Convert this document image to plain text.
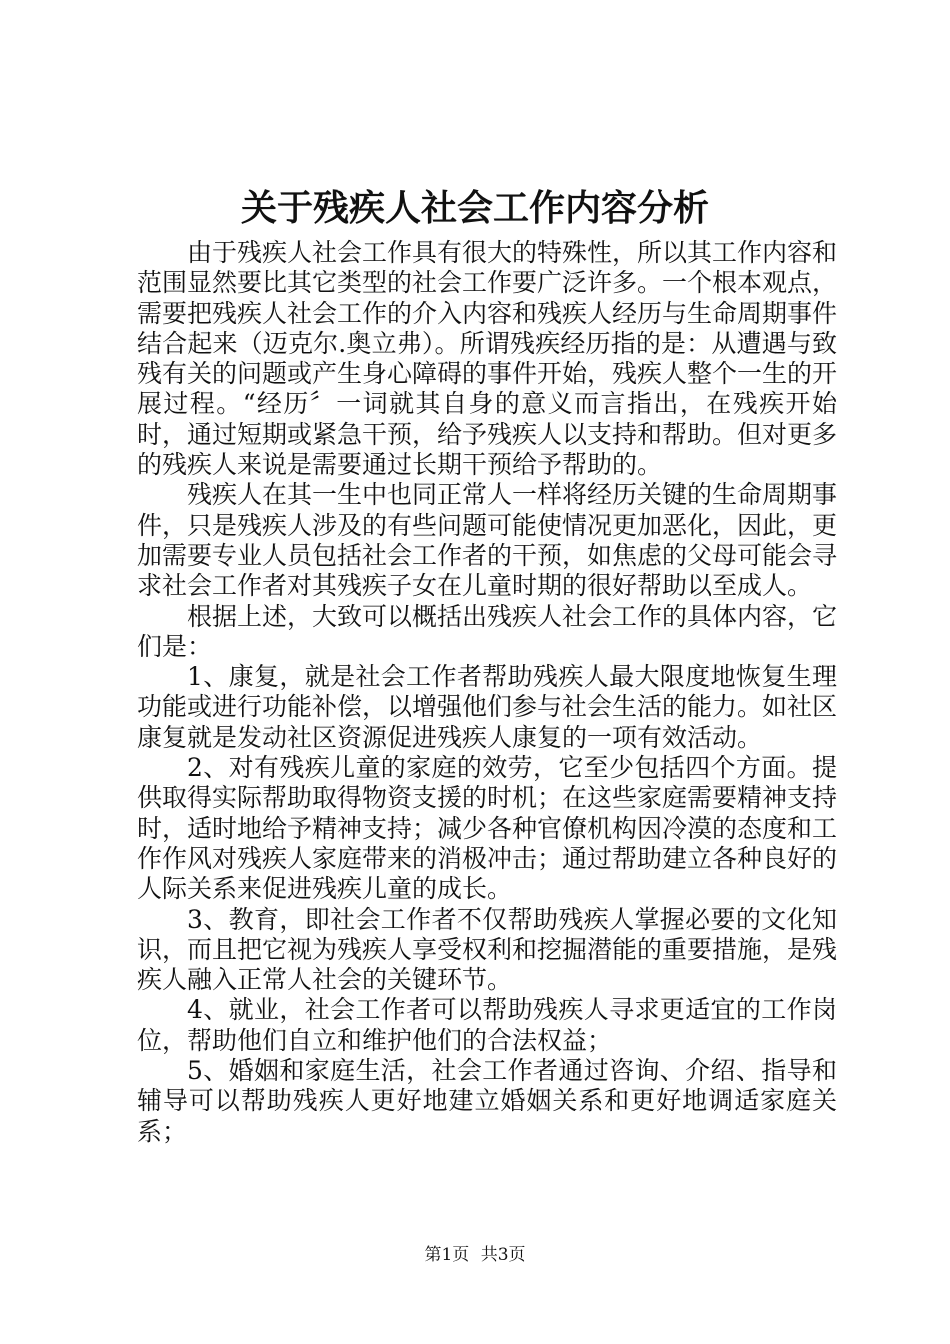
关于残疾人社会工作内容分析

由于残疾人社会工作具有很大的特殊性，所以其工作内容和范围显然要比其它类型的社会工作要广泛许多。一个根本观点，需要把残疾人社会工作的介入内容和残疾人经历与生命周期事件结合起来（迈克尔.奥立弗）。所谓残疾经历指的是：从遭遇与致残有关的问题或产生身心障碍的事件开始，残疾人整个一生的开展过程。“经历〞一词就其自身的意义而言指出，在残疾开始时，通过短期或紧急干预，给予残疾人以支持和帮助。但对更多的残疾人来说是需要通过长期干预给予帮助的。

残疾人在其一生中也同正常人一样将经历关键的生命周期事件，只是残疾人涉及的有些问题可能使情况更加恶化，因此，更加需要专业人员包括社会工作者的干预，如焦虑的父母可能会寻求社会工作者对其残疾子女在儿童时期的很好帮助以至成人。

根据上述，大致可以概括出残疾人社会工作的具体内容，它们是：

1、康复，就是社会工作者帮助残疾人最大限度地恢复生理功能或进行功能补偿，以增强他们参与社会生活的能力。如社区康复就是发动社区资源促进残疾人康复的一项有效活动。

2、对有残疾儿童的家庭的效劳，它至少包括四个方面。提供取得实际帮助取得物资支援的时机；在这些家庭需要精神支持时，适时地给予精神支持；减少各种官僚机构因冷漠的态度和工作作风对残疾人家庭带来的消极冲击；通过帮助建立各种良好的人际关系来促进残疾儿童的成长。

3、教育，即社会工作者不仅帮助残疾人掌握必要的文化知识，而且把它视为残疾人享受权利和挖掘潜能的重要措施，是残疾人融入正常人社会的关键环节。

4、就业，社会工作者可以帮助残疾人寻求更适宜的工作岗位，帮助他们自立和维护他们的合法权益；

5、婚姻和家庭生活，社会工作者通过咨询、介绍、指导和辅导可以帮助残疾人更好地建立婚姻关系和更好地调适家庭关系；

第1页 共3页
